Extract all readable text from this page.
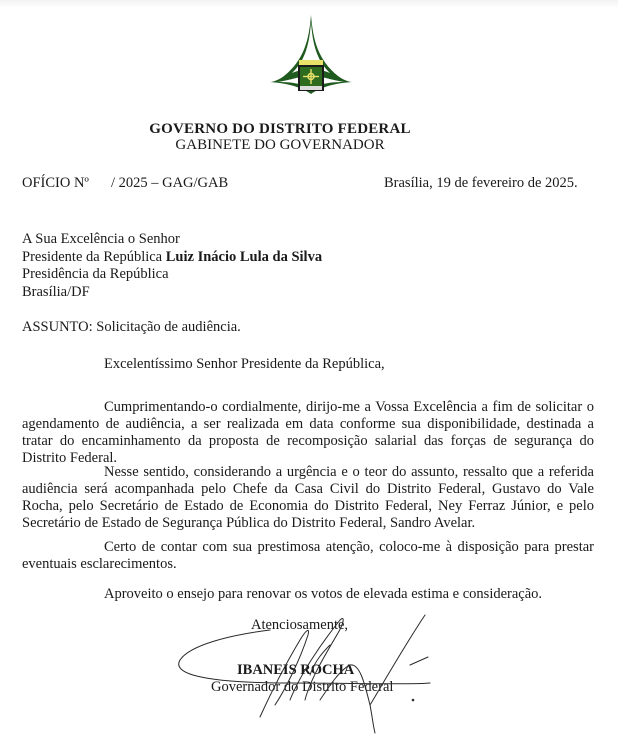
GOVERNO DO DISTRITO FEDERAL
GABINETE DO GOVERNADOR
OFÍCIO Nº / 2025 – GAG/GAB	Brasília, 19 de fevereiro de 2025.
A Sua Excelência o Senhor
Presidente da República Luiz Inácio Lula da Silva
Presidência da República
Brasília/DF
ASSUNTO: Solicitação de audiência.
Excelentíssimo Senhor Presidente da República,
Cumprimentando-o cordialmente, dirijo-me a Vossa Excelência a fim de solicitar o agendamento de audiência, a ser realizada em data conforme sua disponibilidade, destinada a tratar do encaminhamento da proposta de recomposição salarial das forças de segurança do Distrito Federal.
Nesse sentido, considerando a urgência e o teor do assunto, ressalto que a referida audiência será acompanhada pelo Chefe da Casa Civil do Distrito Federal, Gustavo do Vale Rocha, pelo Secretário de Estado de Economia do Distrito Federal, Ney Ferraz Júnior, e pelo Secretário de Estado de Segurança Pública do Distrito Federal, Sandro Avelar.
Certo de contar com sua prestimosa atenção, coloco-me à disposição para prestar eventuais esclarecimentos.
Aproveito o ensejo para renovar os votos de elevada estima e consideração.
Atenciosamente,
IBANEIS ROCHA
Governador do Distrito Federal
